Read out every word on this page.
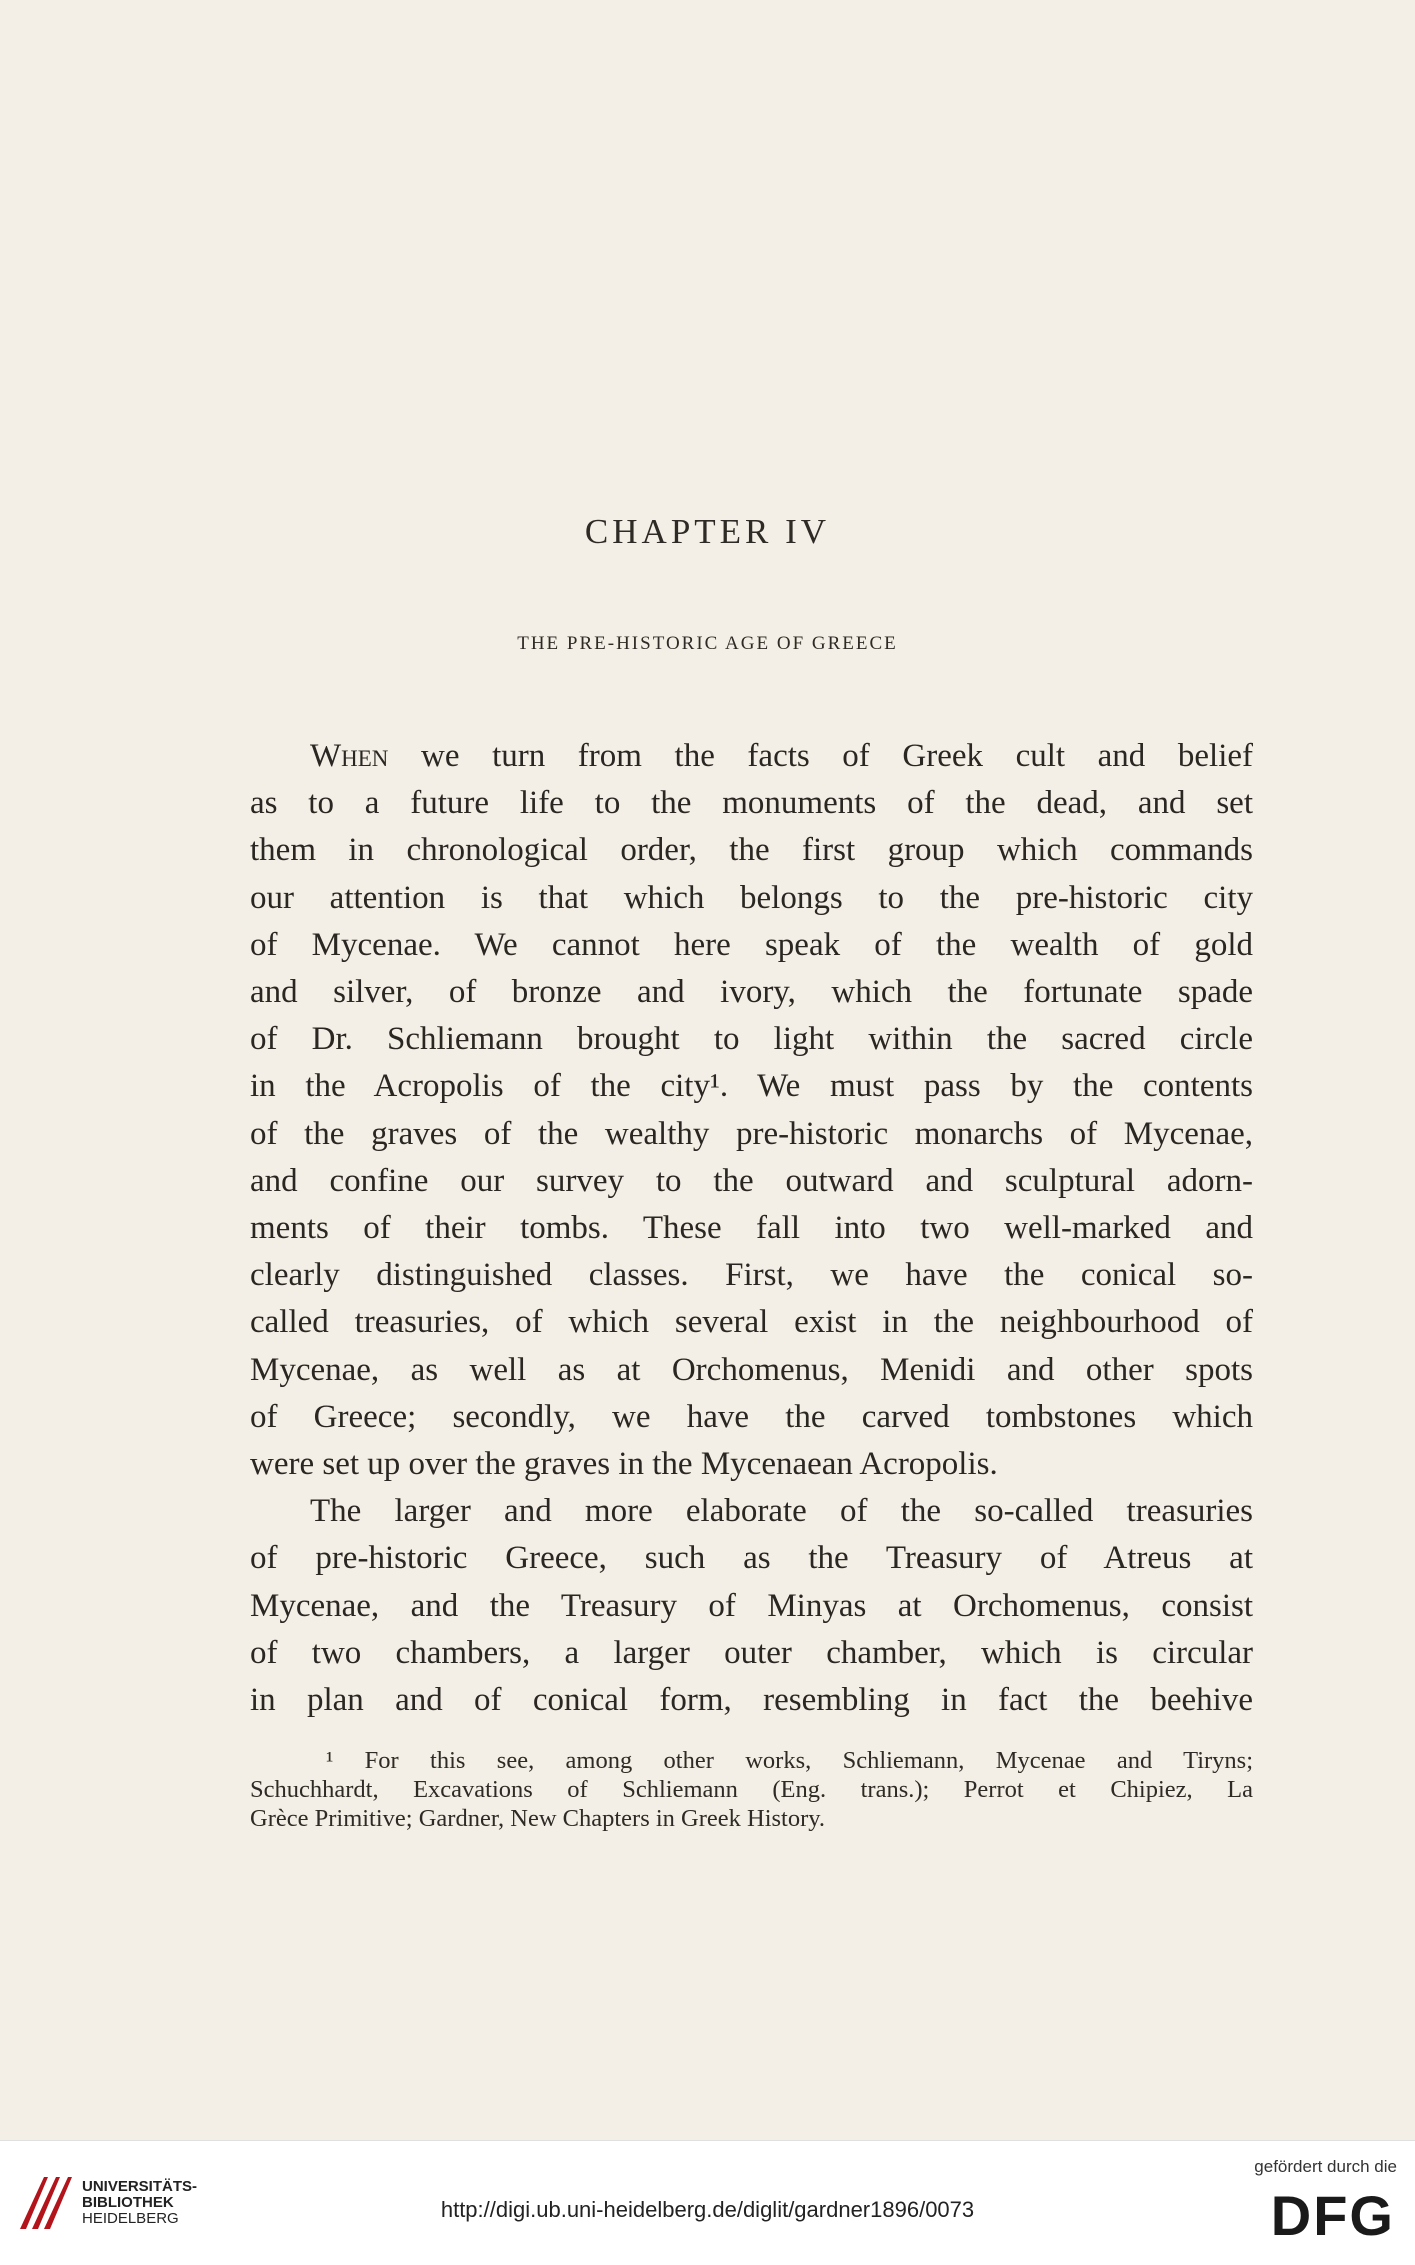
CHAPTER IV
THE PRE-HISTORIC AGE OF GREECE

When we turn from the facts of Greek cult and belief
as to a future life to the monuments of the dead, and set
them in chronological order, the first group which commands
our attention is that which belongs to the pre-historic city
of Mycenae. We cannot here speak of the wealth of gold
and silver, of bronze and ivory, which the fortunate spade
of Dr. Schliemann brought to light within the sacred circle
in the Acropolis of the city¹. We must pass by the contents
of the graves of the wealthy pre-historic monarchs of Mycenae,
and confine our survey to the outward and sculptural adorn-
ments of their tombs. These fall into two well-marked and
clearly distinguished classes. First, we have the conical so-
called treasuries, of which several exist in the neighbourhood of
Mycenae, as well as at Orchomenus, Menidi and other spots
of Greece; secondly, we have the carved tombstones which
were set up over the graves in the Mycenaean Acropolis.

The larger and more elaborate of the so-called treasuries
of pre-historic Greece, such as the Treasury of Atreus at
Mycenae, and the Treasury of Minyas at Orchomenus, consist
of two chambers, a larger outer chamber, which is circular
in plan and of conical form, resembling in fact the beehive

¹ For this see, among other works, Schliemann, Mycenae and Tiryns;
Schuchhardt, Excavations of Schliemann (Eng. trans.); Perrot et Chipiez, La
Grèce Primitive; Gardner, New Chapters in Greek History.
UNIVERSITÄTS-
BIBLIOTHEK
HEIDELBERG	http://digi.ub.uni-heidelberg.de/diglit/gardner1896/0073
gefördert durch die
DFG
